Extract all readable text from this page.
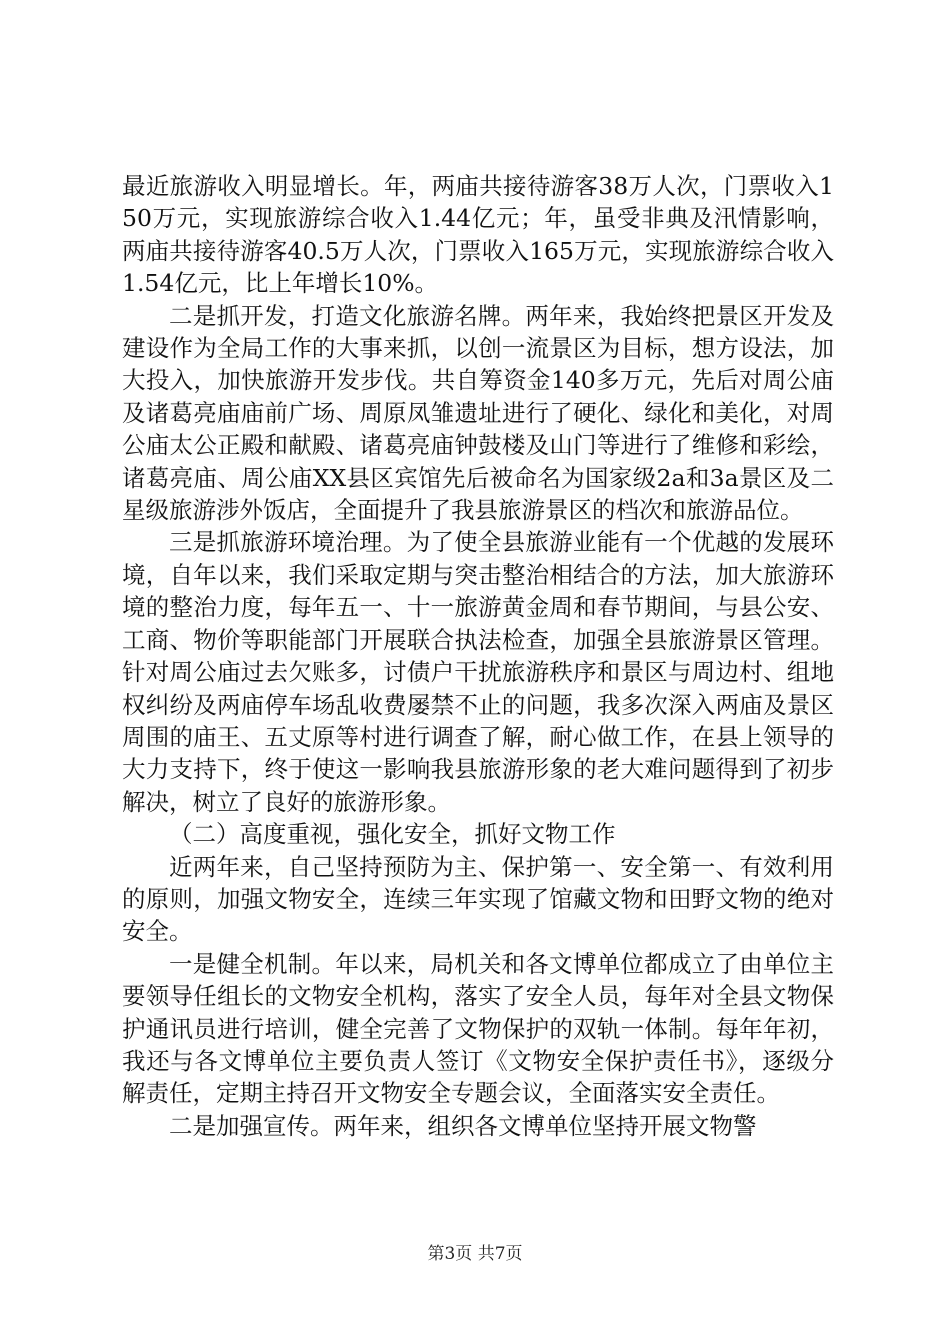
最近旅游收入明显增长。年，两庙共接待游客38万人次，门票收入150万元，实现旅游综合收入1.44亿元；年，虽受非典及汛情影响，两庙共接待游客40.5万人次，门票收入165万元，实现旅游综合收入1.54亿元，比上年增长10%。

二是抓开发，打造文化旅游名牌。两年来，我始终把景区开发及建设作为全局工作的大事来抓，以创一流景区为目标，想方设法，加大投入，加快旅游开发步伐。共自筹资金140多万元，先后对周公庙及诸葛亮庙庙前广场、周原凤雏遗址进行了硬化、绿化和美化，对周公庙太公正殿和献殿、诸葛亮庙钟鼓楼及山门等进行了维修和彩绘，诸葛亮庙、周公庙XX县区宾馆先后被命名为国家级2a和3a景区及二星级旅游涉外饭店，全面提升了我县旅游景区的档次和旅游品位。

三是抓旅游环境治理。为了使全县旅游业能有一个优越的发展环境，自年以来，我们采取定期与突击整治相结合的方法，加大旅游环境的整治力度，每年五一、十一旅游黄金周和春节期间，与县公安、工商、物价等职能部门开展联合执法检查，加强全县旅游景区管理。针对周公庙过去欠账多，讨债户干扰旅游秩序和景区与周边村、组地权纠纷及两庙停车场乱收费屡禁不止的问题，我多次深入两庙及景区周围的庙王、五丈原等村进行调查了解，耐心做工作，在县上领导的大力支持下，终于使这一影响我县旅游形象的老大难问题得到了初步解决，树立了良好的旅游形象。

（二）高度重视，强化安全，抓好文物工作

近两年来，自己坚持预防为主、保护第一、安全第一、有效利用的原则，加强文物安全，连续三年实现了馆藏文物和田野文物的绝对安全。

一是健全机制。年以来，局机关和各文博单位都成立了由单位主要领导任组长的文物安全机构，落实了安全人员，每年对全县文物保护通讯员进行培训，健全完善了文物保护的双轨一体制。每年年初，我还与各文博单位主要负责人签订《文物安全保护责任书》，逐级分解责任，定期主持召开文物安全专题会议，全面落实安全责任。

二是加强宣传。两年来，组织各文博单位坚持开展文物警

第3页 共7页
